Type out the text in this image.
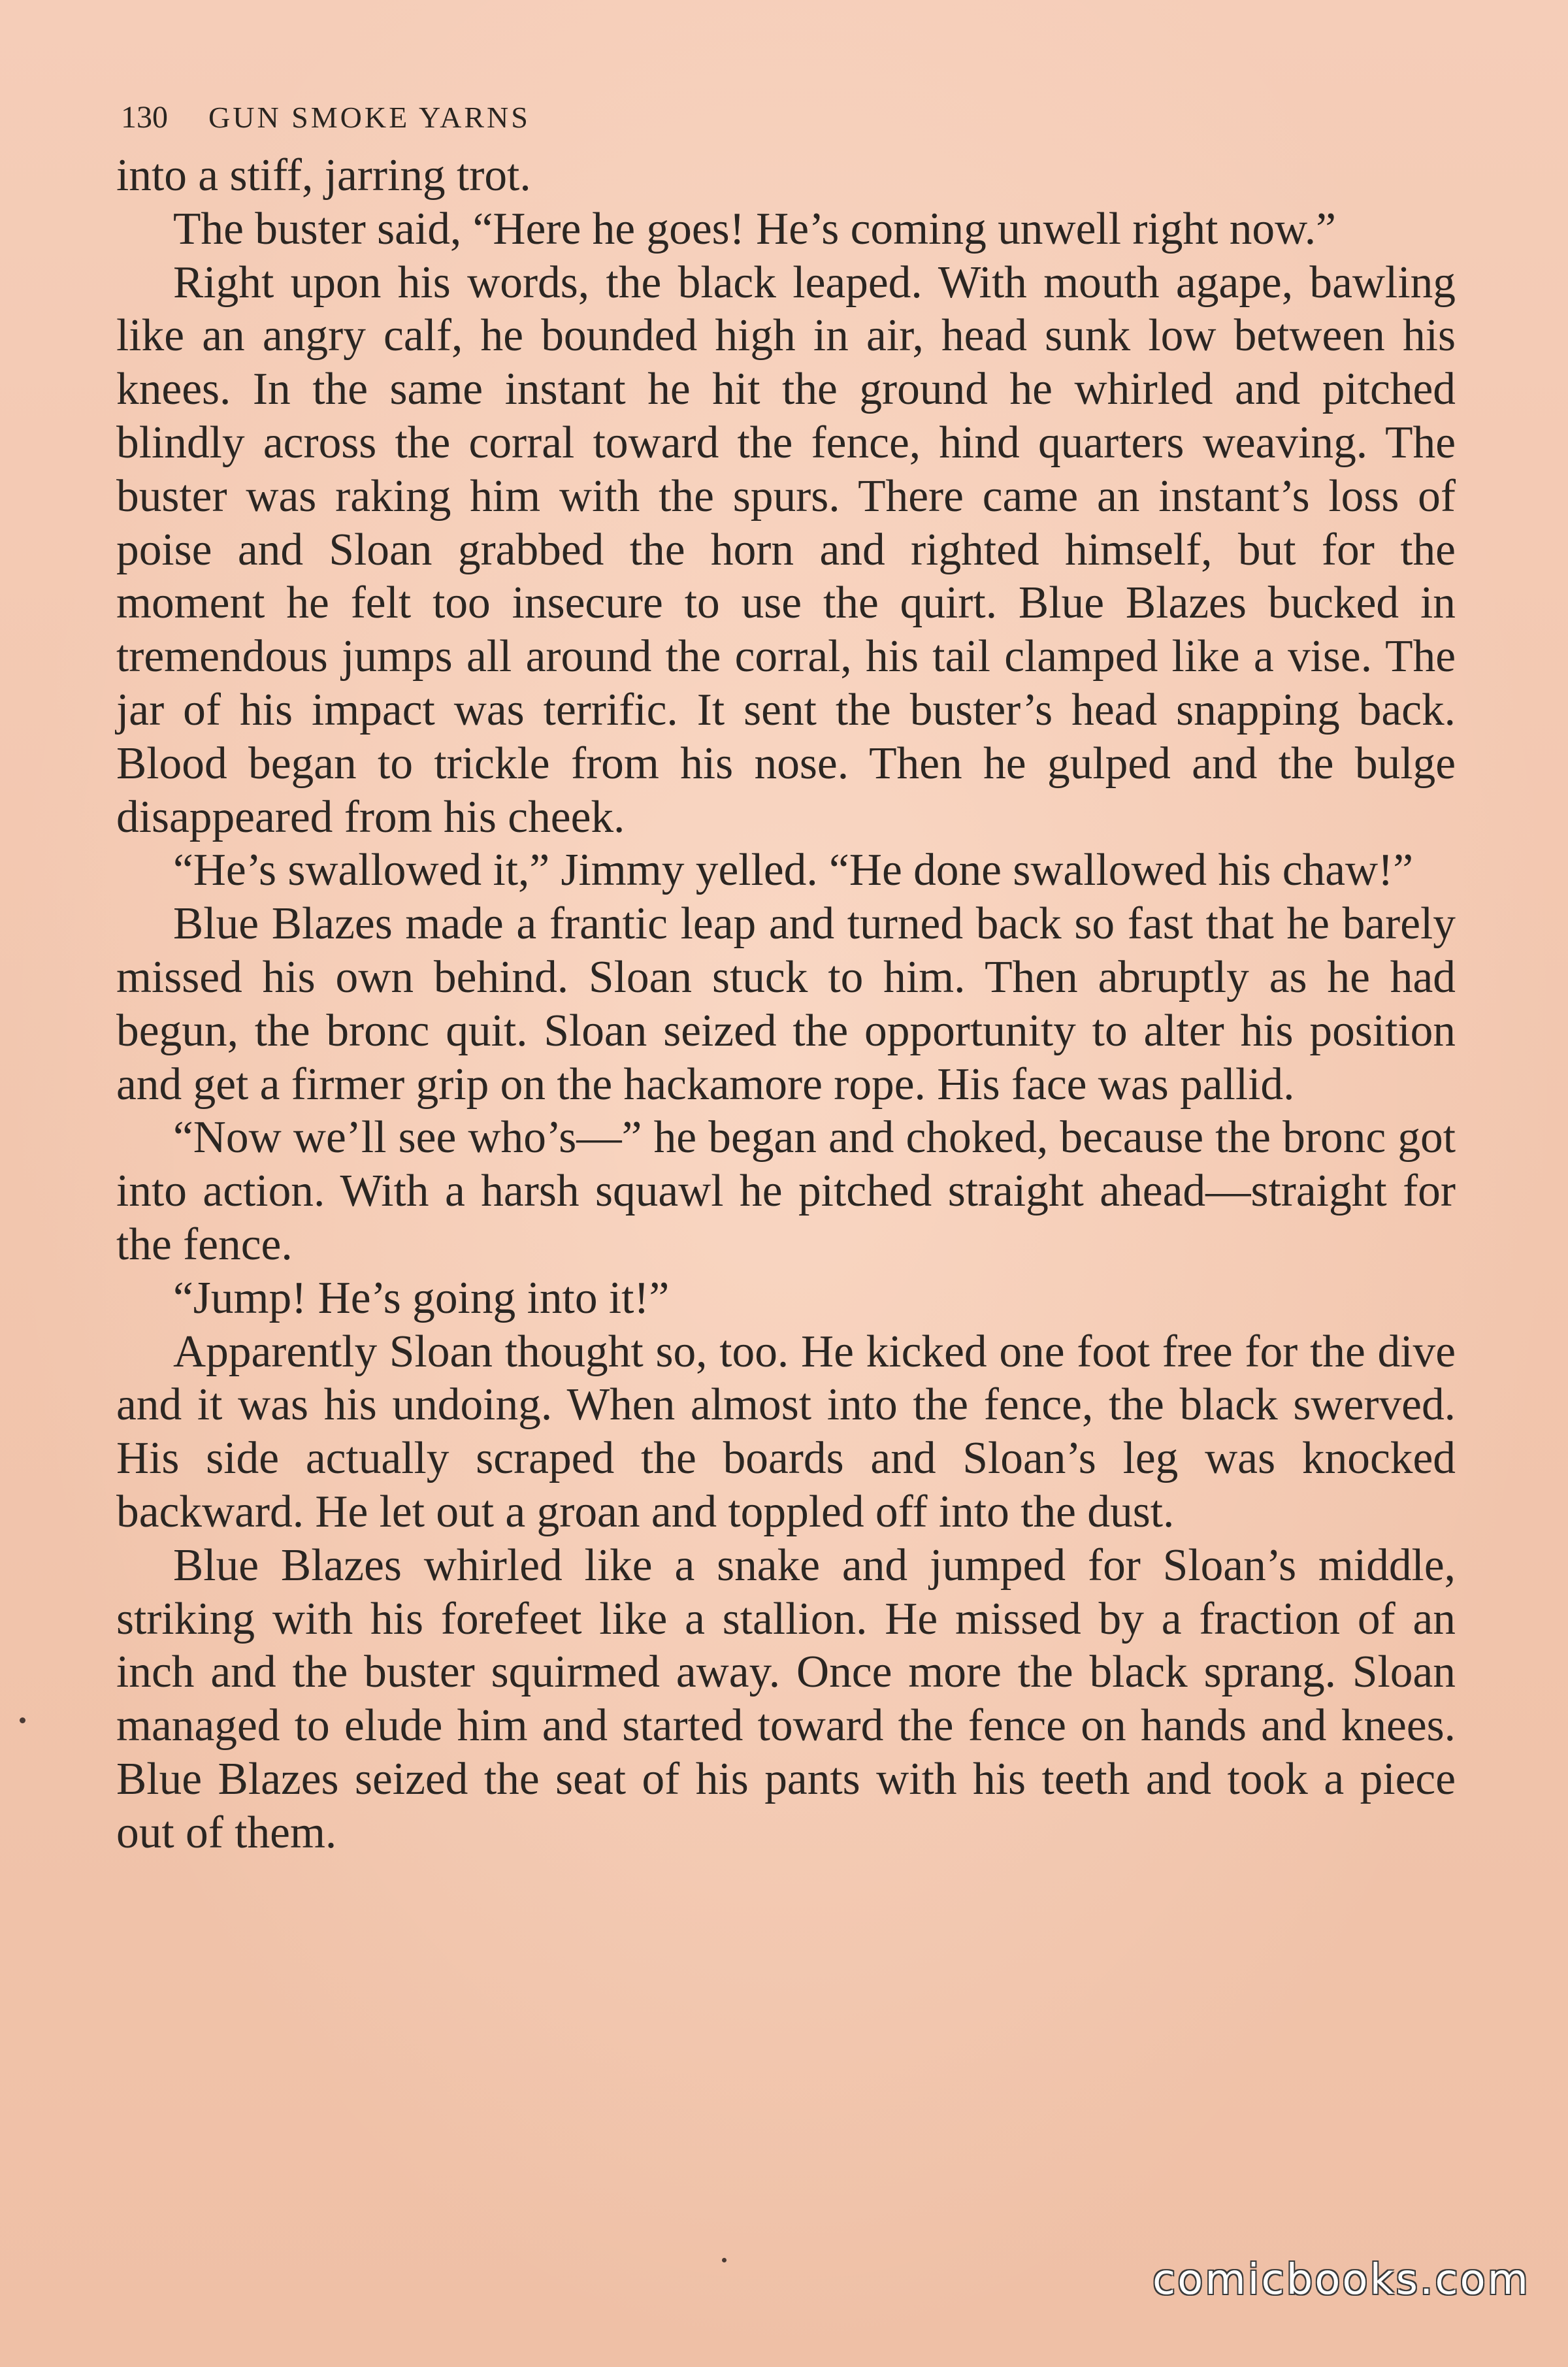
130 GUN SMOKE YARNS

into a stiff, jarring trot.

The buster said, “Here he goes! He’s coming unwell right now.”

Right upon his words, the black leaped. With mouth agape, bawling like an angry calf, he bounded high in air, head sunk low between his knees. In the same instant he hit the ground he whirled and pitched blindly across the corral toward the fence, hind quarters weaving. The buster was raking him with the spurs. There came an instant’s loss of poise and Sloan grabbed the horn and righted himself, but for the moment he felt too insecure to use the quirt. Blue Blazes bucked in tremendous jumps all around the corral, his tail clamped like a vise. The jar of his impact was terrific. It sent the buster’s head snapping back. Blood began to trickle from his nose. Then he gulped and the bulge disappeared from his cheek.

“He’s swallowed it,” Jimmy yelled. “He done swallowed his chaw!”

Blue Blazes made a frantic leap and turned back so fast that he barely missed his own behind. Sloan stuck to him. Then abruptly as he had begun, the bronc quit. Sloan seized the opportunity to alter his position and get a firmer grip on the hackamore rope. His face was pallid.

“Now we’ll see who’s—” he began and choked, because the bronc got into action. With a harsh squawl he pitched straight ahead—straight for the fence.

“Jump! He’s going into it!”

Apparently Sloan thought so, too. He kicked one foot free for the dive and it was his undoing. When almost into the fence, the black swerved. His side actually scraped the boards and Sloan’s leg was knocked backward. He let out a groan and toppled off into the dust.

Blue Blazes whirled like a snake and jumped for Sloan’s middle, striking with his forefeet like a stallion. He missed by a fraction of an inch and the buster squirmed away. Once more the black sprang. Sloan managed to elude him and started toward the fence on hands and knees. Blue Blazes seized the seat of his pants with his teeth and took a piece out of them.

comicbooks.com
